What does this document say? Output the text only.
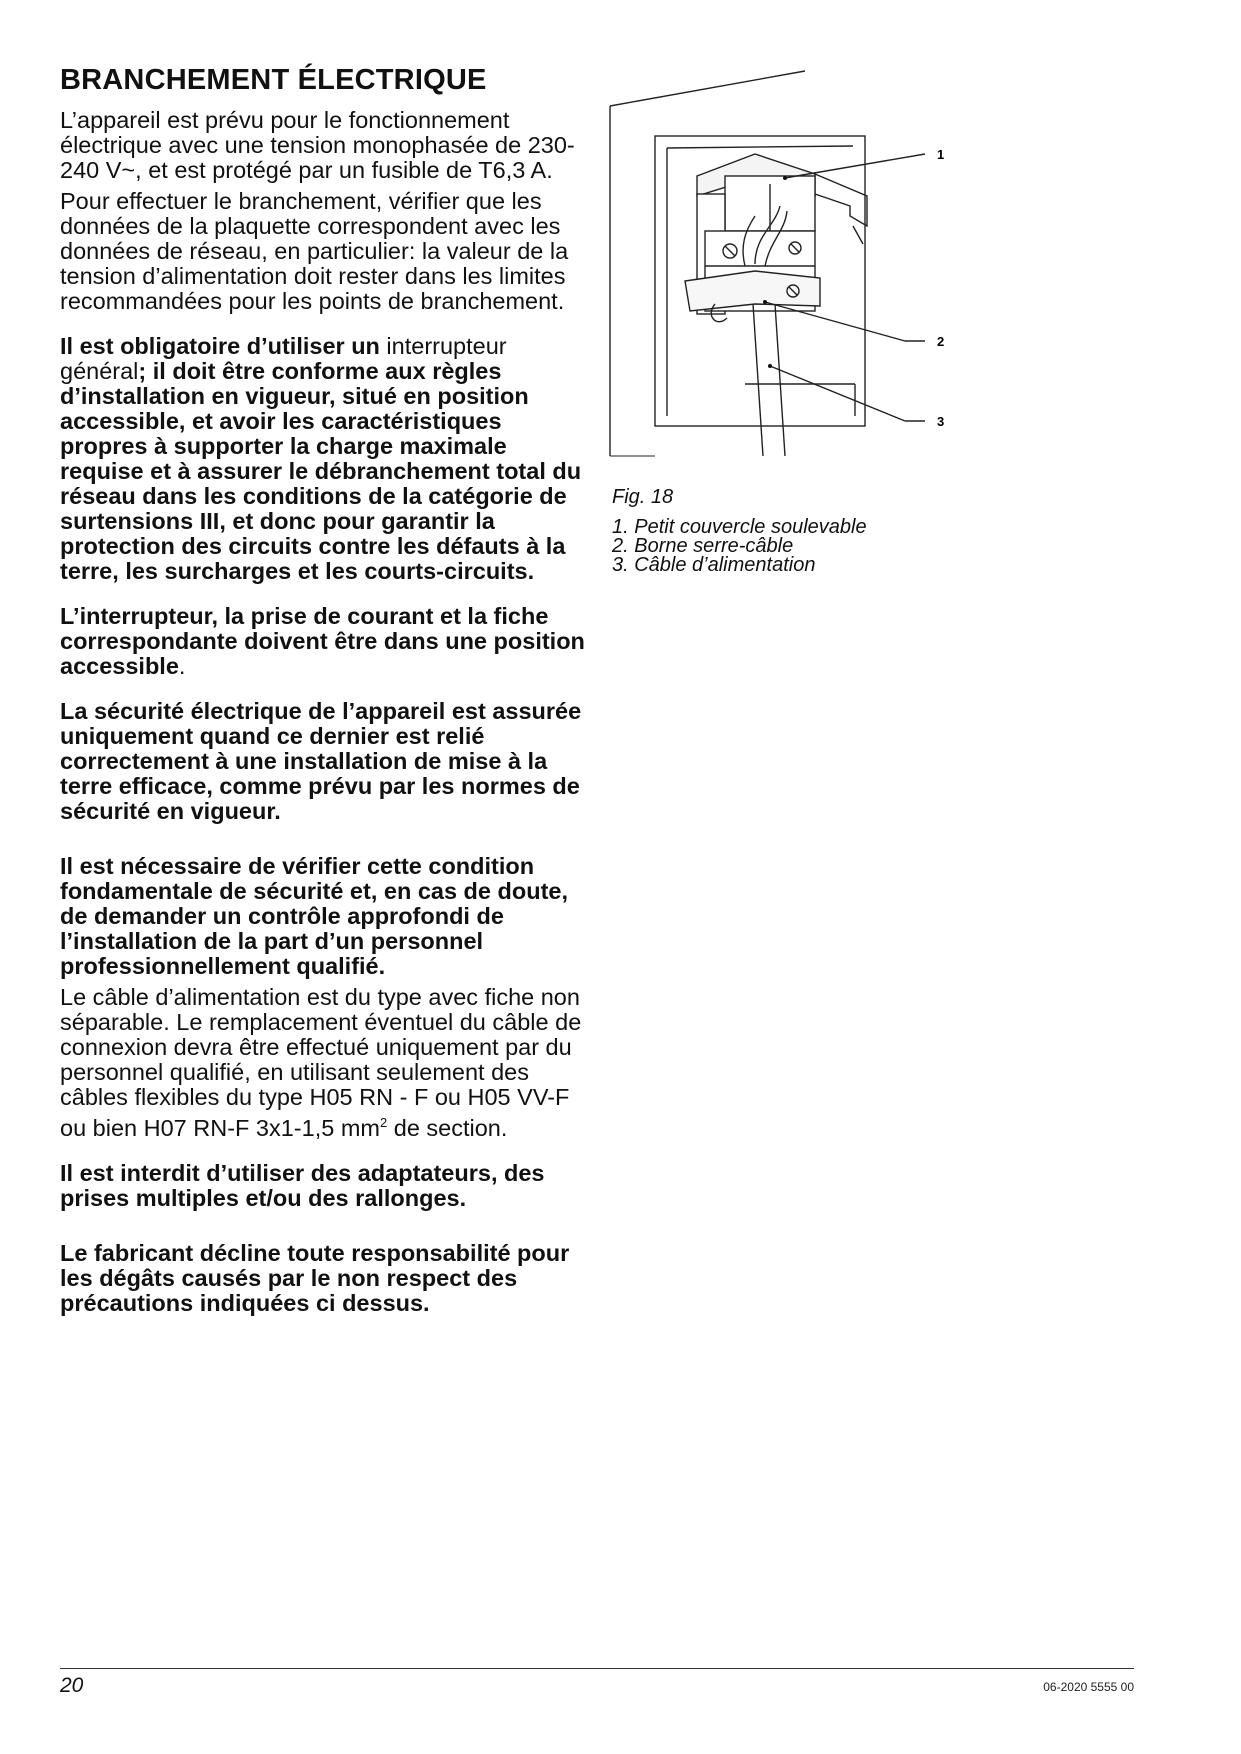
BRANCHEMENT ÉLECTRIQUE

L’appareil est prévu pour le fonctionnement électrique avec une tension monophasée de 230-240 V~, et est protégé par un fusible de T6,3 A.

Pour effectuer le branchement, vérifier que les données de la plaquette correspondent avec les données de réseau, en particulier: la valeur de la tension d’alimentation doit rester dans les limites recommandées pour les points de branchement.

Il est obligatoire d’utiliser un interrupteur général; il doit être conforme aux règles d’installation en vigueur, situé en position accessible, et avoir les caractéristiques propres à supporter la charge maximale requise et à assurer le débranchement total du réseau dans les conditions de la catégorie de surtensions III, et donc pour garantir la protection des circuits contre les défauts à la terre, les surcharges et les courts-circuits.

L’interrupteur, la prise de courant et la fiche correspondante doivent être dans une position accessible.

La sécurité électrique de l’appareil est assurée uniquement quand ce dernier est relié correctement à une installation de mise à la terre efficace, comme prévu par les normes de sécurité en vigueur.

Il est nécessaire de vérifier cette condition fondamentale de sécurité et, en cas de doute, de demander un contrôle approfondi de l’installation de la part d’un personnel professionnellement qualifié.

Le câble d’alimentation est du type avec fiche non séparable. Le remplacement éventuel du câble de connexion devra être effectué uniquement par du personnel qualifié, en utilisant seulement des câbles flexibles du type H05 RN - F ou H05 VV-F ou bien H07 RN-F 3x1-1,5 $mm^2$ de section.

Il est interdit d’utiliser des adaptateurs, des prises multiples et/ou des rallonges.

Le fabricant décline toute responsabilité pour les dégâts causés par le non respect des précautions indiquées ci dessus.

1
2
3

Fig. 18

1. Petit couvercle soulevable
2. Borne serre-câble
3. Câble d’alimentation
20	06-2020 5555 00
